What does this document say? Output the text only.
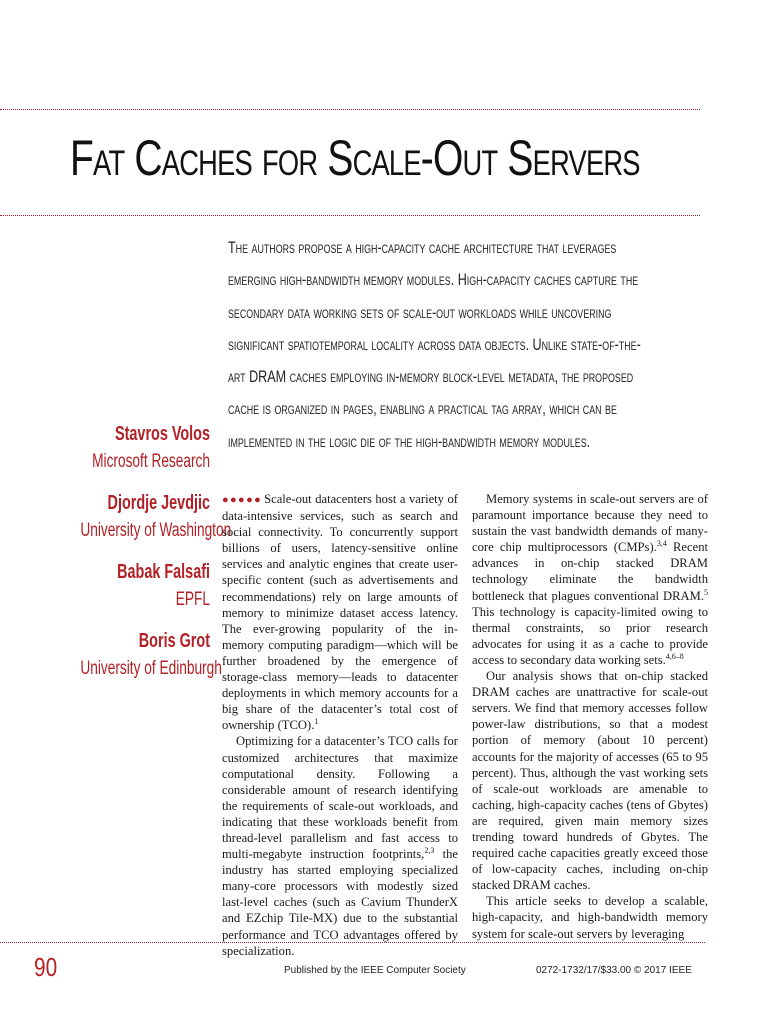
Fat Caches for Scale-Out Servers
The authors propose a high-capacity cache architecture that leverages
emerging high-bandwidth memory modules. High-capacity caches capture the
secondary data working sets of scale-out workloads while uncovering
significant spatiotemporal locality across data objects. Unlike state-of-the-
art DRAM caches employing in-memory block-level metadata, the proposed
cache is organized in pages, enabling a practical tag array, which can be
implemented in the logic die of the high-bandwidth memory modules.
Stavros Volos
Microsoft Research
Djordje Jevdjic
University of Washington
Babak Falsafi
EPFL
Boris Grot
University of Edinburgh

●●●●● Scale-out datacenters host a variety of data-intensive services, such as search and social connectivity. To concurrently support billions of users, latency-sensitive online services and analytic engines that create user-specific content (such as advertisements and recommendations) rely on large amounts of memory to minimize dataset access latency. The ever-growing popularity of the in-memory computing paradigm—which will be further broadened by the emergence of storage-class memory—leads to datacenter deployments in which memory accounts for a big share of the datacenter’s total cost of ownership (TCO).$^1$

Optimizing for a datacenter’s TCO calls for customized architectures that maximize computational density. Following a considerable amount of research identifying the requirements of scale-out workloads, and indicating that these workloads benefit from thread-level parallelism and fast access to multi-megabyte instruction footprints,$^{2,3}$ the industry has started employing specialized many-core processors with modestly sized last-level caches (such as Cavium ThunderX and EZchip Tile-MX) due to the substantial performance and TCO advantages offered by specialization.

Memory systems in scale-out servers are of paramount importance because they need to sustain the vast bandwidth demands of many-core chip multiprocessors (CMPs).$^{3,4}$ Recent advances in on-chip stacked DRAM technology eliminate the bandwidth bottleneck that plagues conventional DRAM.$^5$ This technology is capacity-limited owing to thermal constraints, so prior research advocates for using it as a cache to provide access to secondary data working sets.$^{4,6-8}$

Our analysis shows that on-chip stacked DRAM caches are unattractive for scale-out servers. We find that memory accesses follow power-law distributions, so that a modest portion of memory (about 10 percent) accounts for the majority of accesses (65 to 95 percent). Thus, although the vast working sets of scale-out workloads are amenable to caching, high-capacity caches (tens of Gbytes) are required, given main memory sizes trending toward hundreds of Gbytes. The required cache capacities greatly exceed those of low-capacity caches, including on-chip stacked DRAM caches.

This article seeks to develop a scalable, high-capacity, and high-bandwidth memory system for scale-out servers by leveraging

90	Published by the IEEE Computer Society	0272-1732/17/$33.00 © 2017 IEEE
